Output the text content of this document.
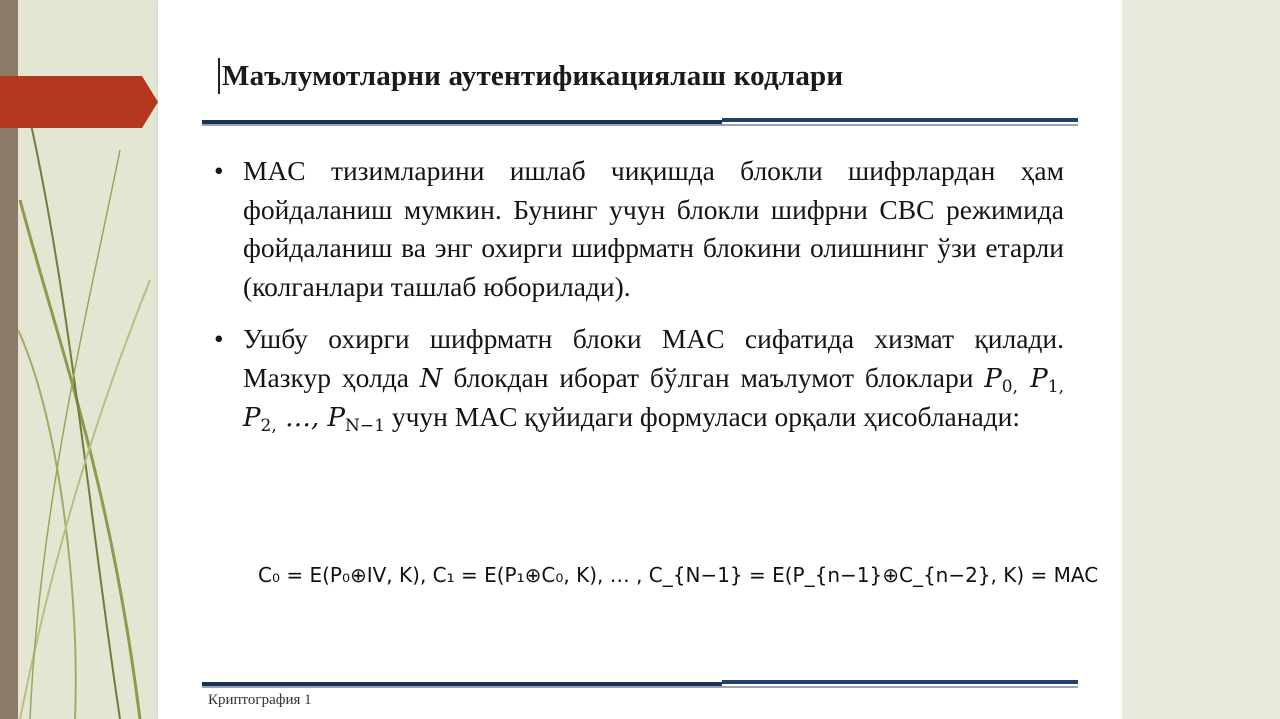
Маълумотларни аутентификациялаш кодлари
• MAC тизимларини ишлаб чиқишда блокли шифрлардан ҳам фойдаланиш мумкин. Бунинг учун блокли шифрни CBC режимида фойдаланиш ва энг охирги шифрматн блокини олишнинг ўзи етарли (колганлари ташлаб юборилади).
• Ушбу охирги шифрматн блоки MAC сифатида хизмат қилади. Мазкур ҳолда N блокдан иборат бўлган маълумот блоклари $P_{0,}$ $P_{1,}$ $P_{2,}$ …, $P_{N-1}$ учун MAC қуйидаги формуласи орқали ҳисобланади:
C₀ = E(P₀⊕IV, K), C₁ = E(P₁⊕C₀, K), … , C_{N−1} = E(P_{n−1}⊕C_{n−2}, K) = MAC
Криптография 1
